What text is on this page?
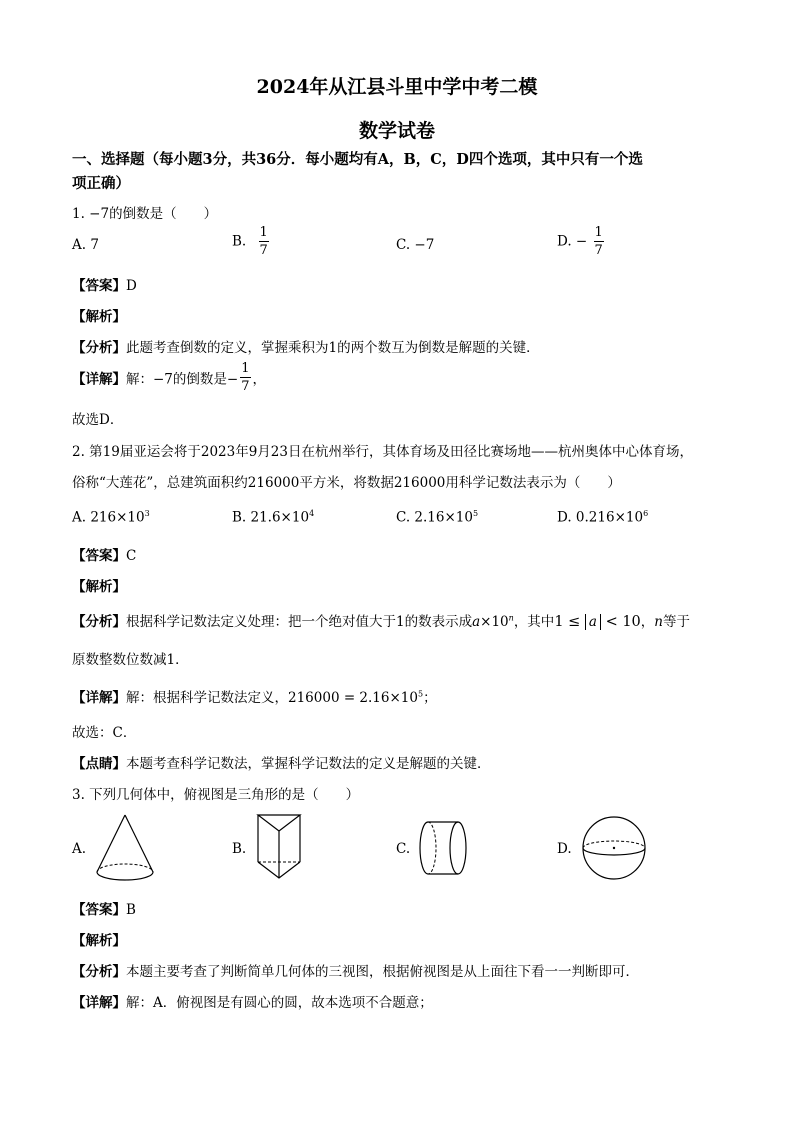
2024年从江县斗里中学中考二模
数学试卷
一、选择题（每小题3分，共36分．每小题均有A，B，C，D四个选项，其中只有一个选
项正确）
1. −7的倒数是（　　）
A. 7	B. $\frac{1}{7}$	C. −7	D. − $\frac{1}{7}$
【答案】D
【解析】
【分析】此题考查倒数的定义，掌握乘积为1的两个数互为倒数是解题的关键．
【详解】解：−7的倒数是− $\frac{1}{7}$ ，
故选D．
2. 第19届亚运会将于2023年9月23日在杭州举行，其体育场及田径比赛场地——杭州奥体中心体育场，
俗称“大莲花”，总建筑面积约216000平方米，将数据216000用科学记数法表示为（　　）
A. $216\times 10^3$	B. $21.6\times 10^4$	C. $2.16\times 10^5$	D. $0.216\times 10^6$
【答案】C
【解析】
【分析】根据科学记数法定义处理：把一个绝对值大于1的数表示成$a\times 10^n$，其中1 ≤ a < 10，n等于
原数整数位数减1．
【详解】解：根据科学记数法定义，$216000 = 2.16\times 10^5$；
故选：C．
【点睛】本题考查科学记数法，掌握科学记数法的定义是解题的关键．
3. 下列几何体中，俯视图是三角形的是（　　）
A.	B.	C.	D.
【答案】B
【解析】
【分析】本题主要考查了判断简单几何体的三视图，根据俯视图是从上面往下看一一判断即可．
【详解】解：A．俯视图是有圆心的圆，故本选项不合题意；
